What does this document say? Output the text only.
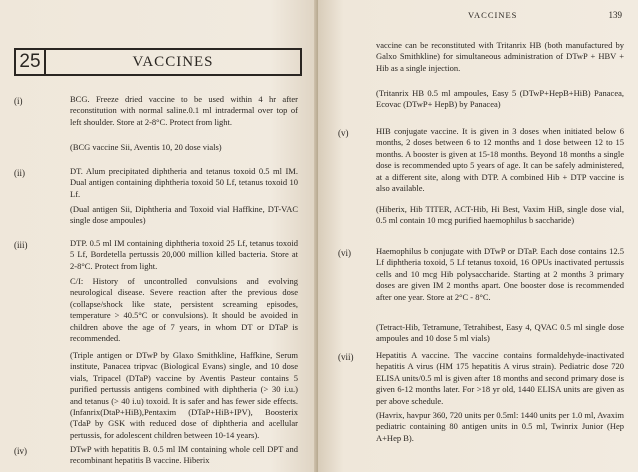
25	VACCINES
(i)	BCG. Freeze dried vaccine to be used within 4 hr after reconstitution with normal saline.0.1 ml intradermal over top of left shoulder. Store at 2-8°C. Protect from light.

(BCG vaccine Sii, Aventis 10, 20 dose vials)

(ii)	DT. Alum precipitated diphtheria and tetanus toxoid 0.5 ml IM. Dual antigen containing diphtheria toxoid 50 Lf, tetanus toxoid 10 Lf.

(Dual antigen Sii, Diphtheria and Toxoid vial Haffkine, DT-VAC single dose ampoules)

(iii)	DTP. 0.5 ml IM containing diphtheria toxoid 25 Lf, tetanus toxoid 5 Lf, Bordetella pertussis 20,000 million killed bacteria. Store at 2-8°C. Protect from light.

C/I: History of uncontrolled convulsions and evolving neurological disease. Severe reaction after the previous dose (collapse/shock like state, persistent screaming episodes, temperature > 40.5°C or convulsions). It should be avoided in children above the age of 7 years, in whom DT or DTaP is recommended.

(Triple antigen or DTwP by Glaxo Smithkline, Haffkine, Serum institute, Panacea tripvac (Biological Evans) single, and 10 dose vials, Tripacel (DTaP) vaccine by Aventis Pasteur contains 5 purified pertussis antigens combined with diphtheria (> 30 i.u.) and tetanus (> 40 i.u) toxoid. It is safer and has fewer side effects. (Infanrix(DtaP+HiB),Pentaxim (DTaP+HiB+IPV), Boosterix (TdaP by GSK with reduced dose of diphtheria and acellular pertussis, for adolescent children between 10-14 years).

(iv)	DTwP with hepatitis B. 0.5 ml IM containing whole cell DPT and recombinant hepatitis B vaccine. Hiberix

VACCINES	139

vaccine can be reconstituted with Tritanrix HB (both manufactured by Galxo Smithkline) for simultaneous administration of DTwP + HBV + Hib as a single injection.

(Tritanrix HB 0.5 ml ampoules, Easy 5 (DTwP+HepB+HiB) Panacea, Ecovac (DTwP+ HepB) by Panacea)

(v)	HIB conjugate vaccine. It is given in 3 doses when initiated below 6 months, 2 doses between 6 to 12 months and 1 dose between 12 to 15 months. A booster is given at 15-18 months. Beyond 18 months a single dose is recommended upto 5 years of age. It can be safely administered, at a different site, along with DTP. A combined Hib + DTP vaccine is also available.

(Hiberix, Hib TITER, ACT-Hib, Hi Best, Vaxim HiB, single dose vial, 0.5 ml contain 10 mcg purified haemophilus b saccharide)

(vi)	Haemophilus b conjugate with DTwP or DTaP. Each dose contains 12.5 Lf diphtheria toxoid, 5 Lf tetanus toxoid, 16 OPUs inactivated pertussis cells and 10 mcg Hib polysaccharide. Starting at 2 months 3 primary doses are given IM 2 months apart. One booster dose is recommended after one year. Store at 2°C - 8°C.

(Tetract-Hib, Tetramune, Tetrahibest, Easy 4, QVAC 0.5 ml single dose ampoules and 10 dose 5 ml vials)

(vii)	Hepatitis A vaccine. The vaccine contains formaldehyde-inactivated hepatitis A virus (HM 175 hepatitis A virus strain). Pediatric dose 720 ELISA units/0.5 ml is given after 18 months and second primary dose is given 6-12 months later. For >18 yr old, 1440 ELISA units are given as per above schedule.

(Havrix, havpur 360, 720 units per 0.5ml: 1440 units per 1.0 ml, Avaxim pediatric containing 80 antigen units in 0.5 ml, Twinrix Junior (Hep A+Hep B).
